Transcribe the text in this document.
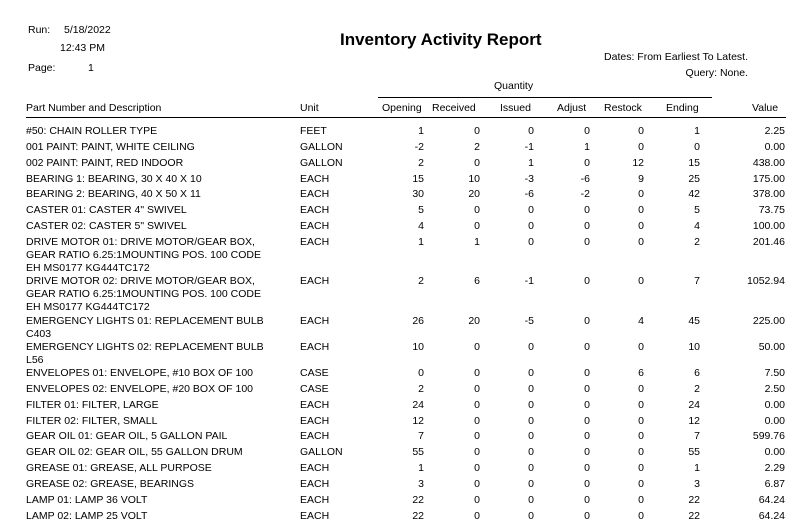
Run: 5/18/2022
12:43 PM
Page:	1
Inventory Activity Report
Dates: From Earliest To Latest.
Query: None.
Quantity
Part Number and Description	Unit	Opening Received Issued Adjust Restock Ending	Value
#50: CHAIN ROLLER TYPE	FEET	1	0	0	0	0	1	2.25
001 PAINT: PAINT, WHITE CEILING	GALLON	-2	2	-1	1	0	0	0.00
002 PAINT: PAINT, RED INDOOR	GALLON	2	0	1	0	12	15	438.00
BEARING 1: BEARING, 30 X 40 X 10	EACH	15	10	-3	-6	9	25	175.00
BEARING 2: BEARING, 40 X 50 X 11	EACH	30	20	-6	-2	0	42	378.00
CASTER 01: CASTER 4" SWIVEL	EACH	5	0	0	0	0	5	73.75
CASTER 02: CASTER 5" SWIVEL	EACH	4	0	0	0	0	4	100.00
DRIVE MOTOR 01: DRIVE MOTOR/GEAR BOX,
GEAR RATIO 6.25:1MOUNTING POS. 100 CODE
EH MS0177 KG444TC172
EACH	1	1	0	0	0	2	201.46
DRIVE MOTOR 02: DRIVE MOTOR/GEAR BOX,
GEAR RATIO 6.25:1MOUNTING POS. 100 CODE
EH MS0177 KG444TC172
EACH	2	6	-1	0	0	7	1052.94
EMERGENCY LIGHTS 01: REPLACEMENT BULB
C403
EACH	26	20	-5	0	4	45	225.00
EMERGENCY LIGHTS 02: REPLACEMENT BULB
L56
EACH	10	0	0	0	0	10	50.00
ENVELOPES 01: ENVELOPE, #10 BOX OF 100	CASE	0	0	0	0	6	6	7.50
ENVELOPES 02: ENVELOPE, #20 BOX OF 100	CASE	2	0	0	0	0	2	2.50
FILTER 01: FILTER, LARGE	EACH	24	0	0	0	0	24	0.00
FILTER 02: FILTER, SMALL	EACH	12	0	0	0	0	12	0.00
GEAR OIL 01: GEAR OIL, 5 GALLON PAIL	EACH	7	0	0	0	0	7	599.76
GEAR OIL 02: GEAR OIL, 55 GALLON DRUM	GALLON	55	0	0	0	0	55	0.00
GREASE 01: GREASE, ALL PURPOSE	EACH	1	0	0	0	0	1	2.29
GREASE 02: GREASE, BEARINGS	EACH	3	0	0	0	0	3	6.87
LAMP 01: LAMP 36 VOLT	EACH	22	0	0	0	0	22	64.24
LAMP 02: LAMP 25 VOLT	EACH	22	0	0	0	0	22	64.24
